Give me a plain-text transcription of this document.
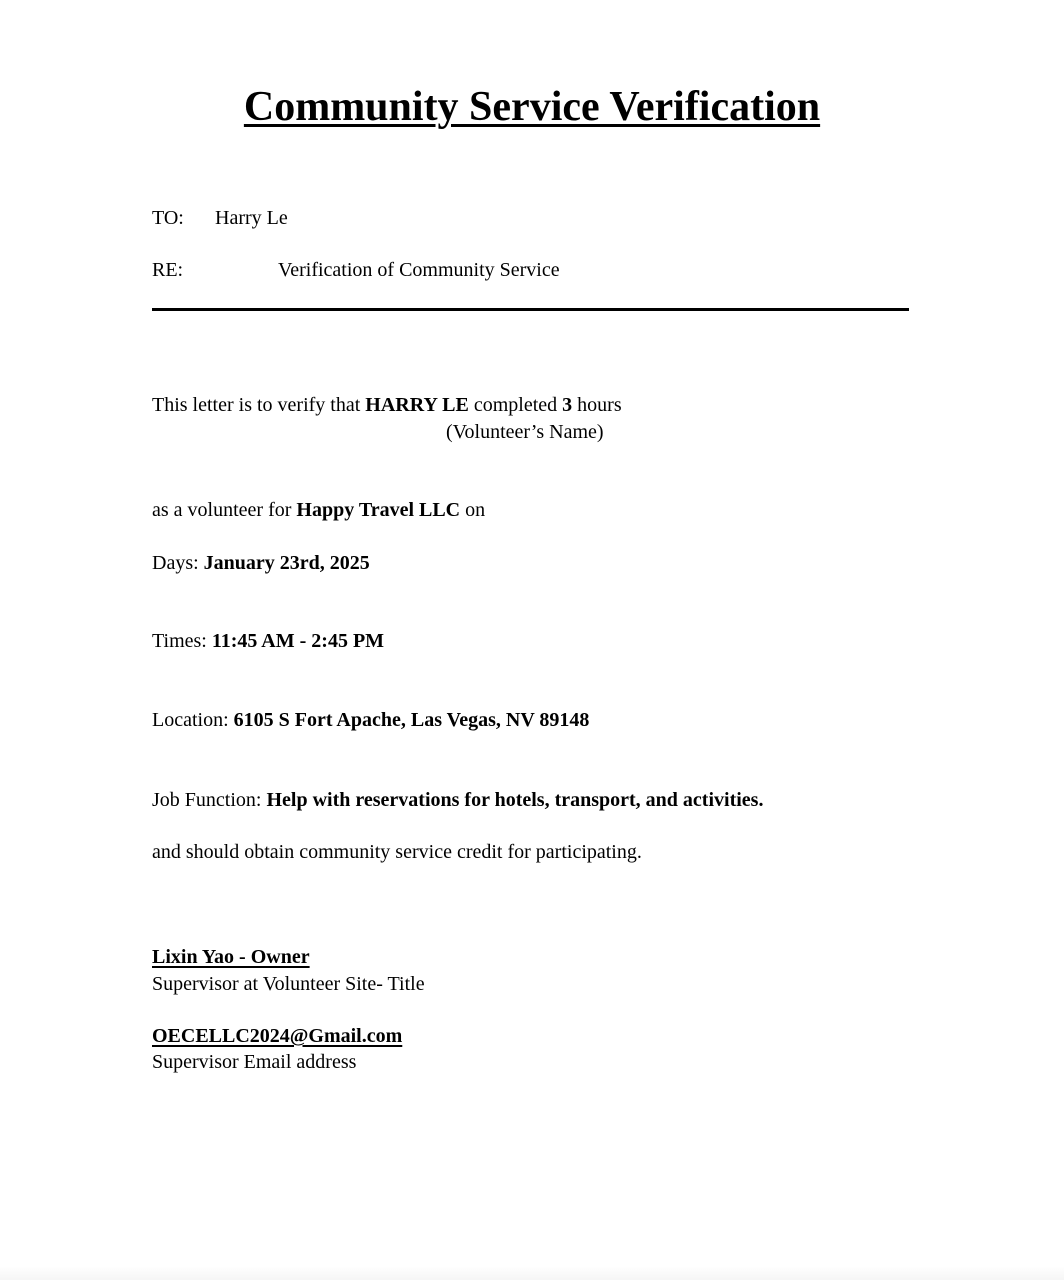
Community Service Verification
TO: Harry Le
RE:	Verification of Community Service
This letter is to verify that HARRY LE completed 3 hours
(Volunteer’s Name)
as a volunteer for Happy Travel LLC on
Days: January 23rd, 2025
Times: 11:45 AM - 2:45 PM
Location: 6105 S Fort Apache, Las Vegas, NV 89148
Job Function: Help with reservations for hotels, transport, and activities.
and should obtain community service credit for participating.
Lixin Yao - Owner
Supervisor at Volunteer Site- Title
OECELLC2024@Gmail.com
Supervisor Email address
